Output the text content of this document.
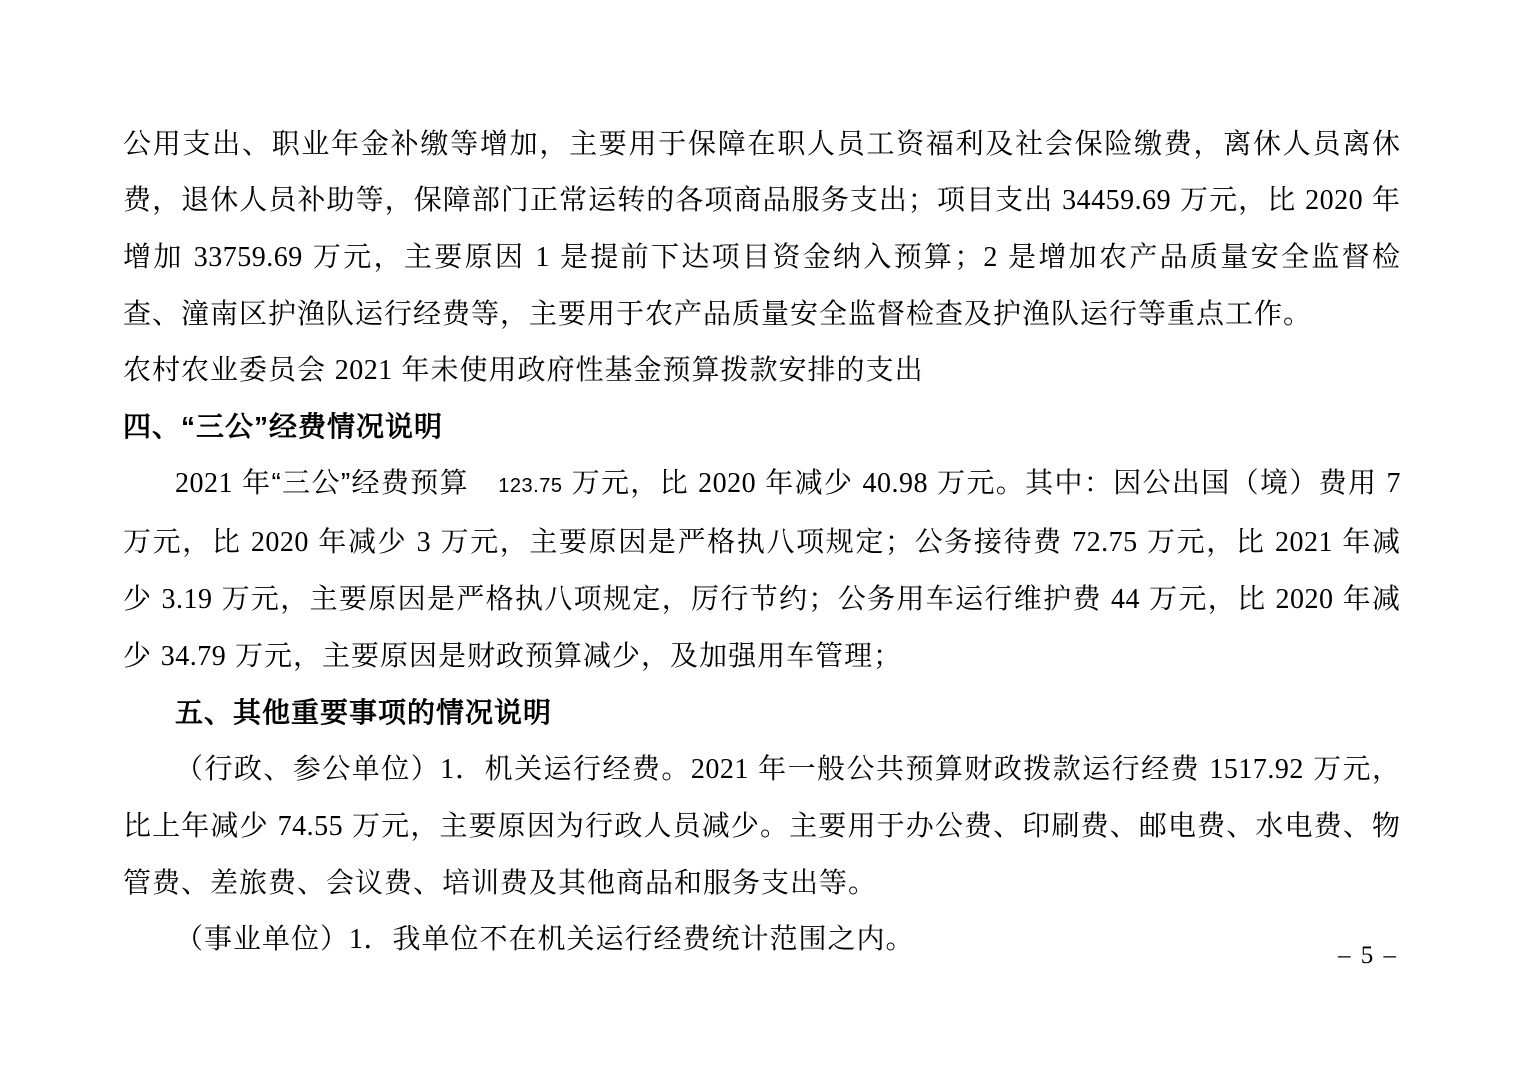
公用支出、职业年金补缴等增加，主要用于保障在职人员工资福利及社会保险缴费，离休人员离休费，退休人员补助等，保障部门正常运转的各项商品服务支出；项目支出 34459.69 万元，比 2020 年增加 33759.69 万元，主要原因 1 是提前下达项目资金纳入预算；2 是增加农产品质量安全监督检查、潼南区护渔队运行经费等，主要用于农产品质量安全监督检查及护渔队运行等重点工作。

农村农业委员会 2021 年未使用政府性基金预算拨款安排的支出

四、“三公”经费情况说明

2021 年“三公”经费预算　123.75 万元，比 2020 年减少 40.98 万元。其中：因公出国（境）费用 7 万元，比 2020 年减少 3 万元，主要原因是严格执八项规定；公务接待费 72.75 万元，比 2021 年减少 3.19 万元，主要原因是严格执八项规定，厉行节约；公务用车运行维护费 44 万元，比 2020 年减少 34.79 万元，主要原因是财政预算减少，及加强用车管理；

五、其他重要事项的情况说明

（行政、参公单位）1．机关运行经费。2021 年一般公共预算财政拨款运行经费 1517.92 万元，比上年减少 74.55 万元，主要原因为行政人员减少。主要用于办公费、印刷费、邮电费、水电费、物管费、差旅费、会议费、培训费及其他商品和服务支出等。

（事业单位）1．我单位不在机关运行经费统计范围之内。

– 5 –
